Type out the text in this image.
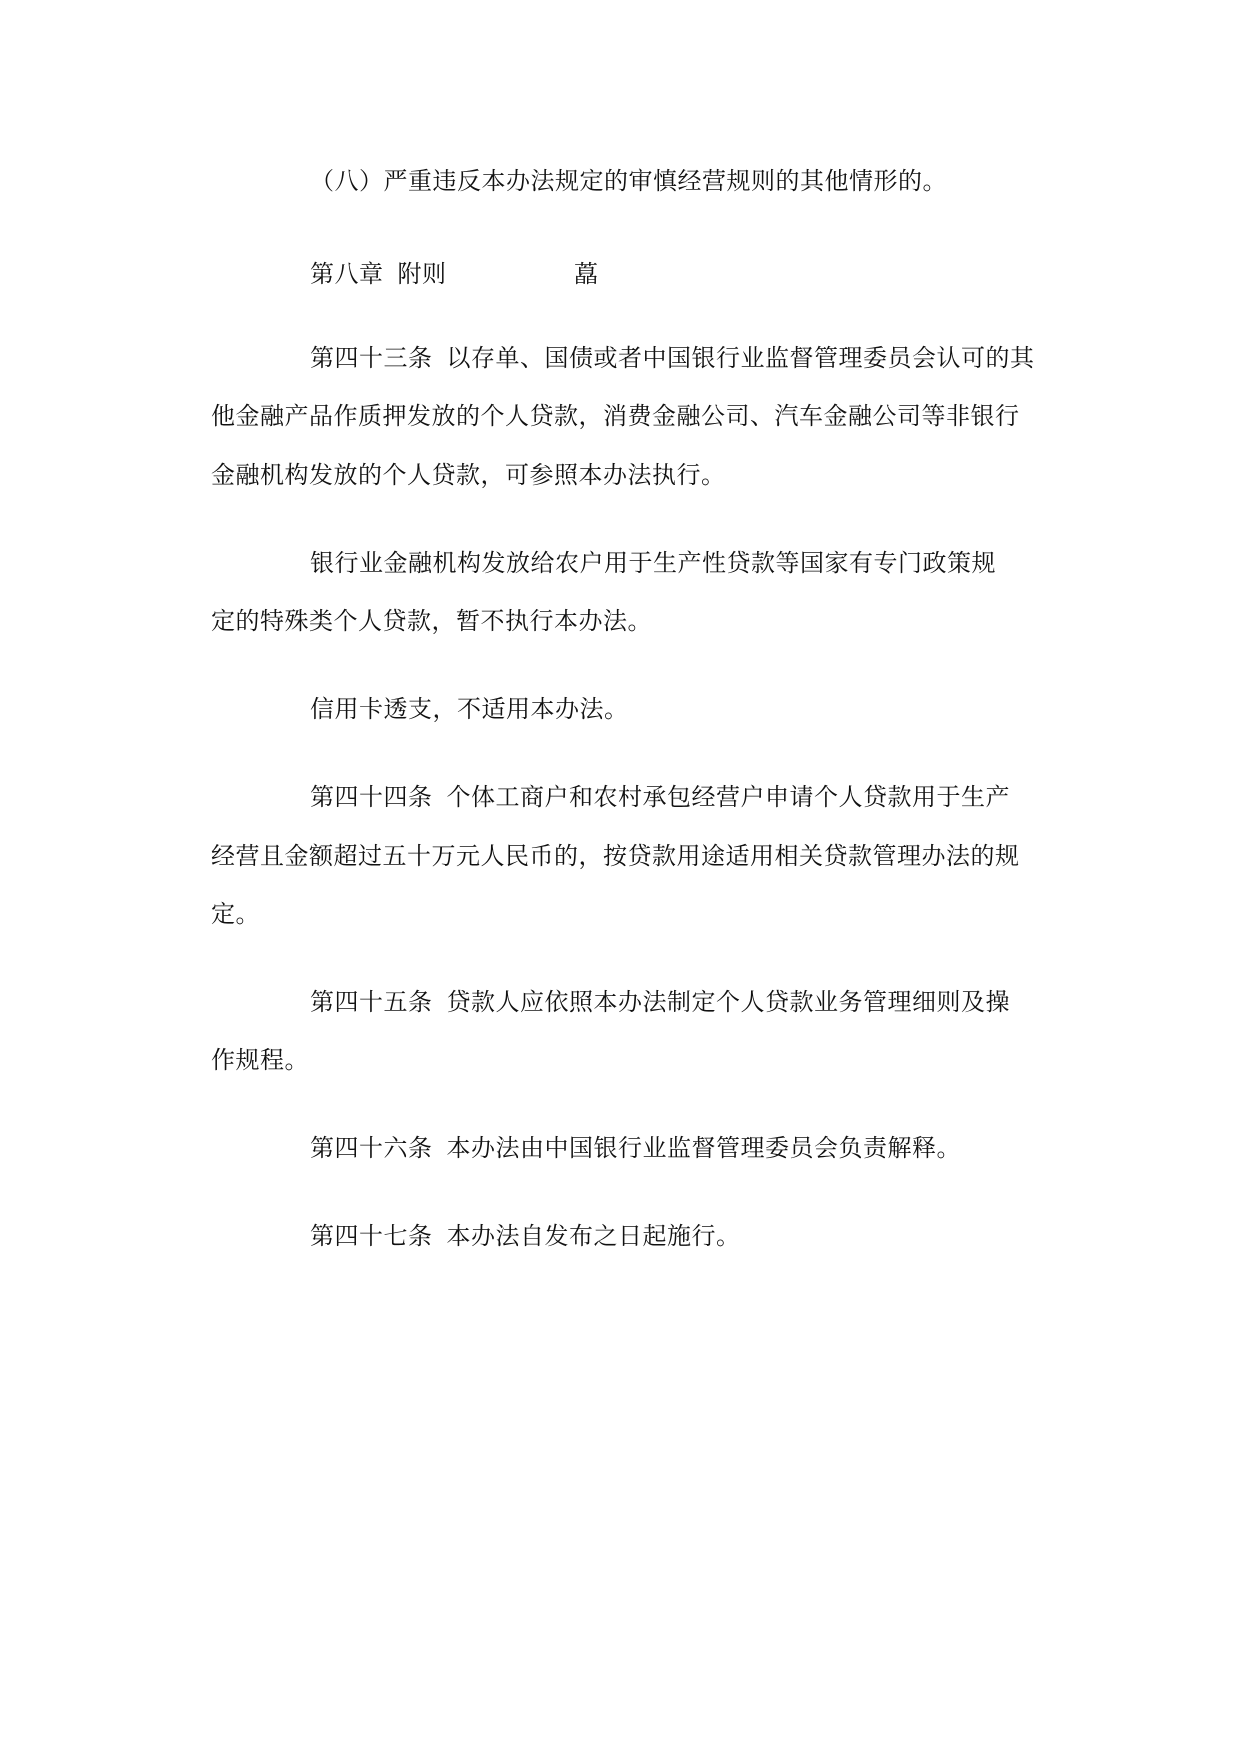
（八）严重违反本办法规定的审慎经营规则的其他情形的。

第八章 附则	藠

第四十三条 以存单、国债或者中国银行业监督管理委员会认可的其

他金融产品作质押发放的个人贷款，消费金融公司、汽车金融公司等非银行

金融机构发放的个人贷款，可参照本办法执行。

银行业金融机构发放给农户用于生产性贷款等国家有专门政策规

定的特殊类个人贷款，暂不执行本办法。

信用卡透支，不适用本办法。

第四十四条 个体工商户和农村承包经营户申请个人贷款用于生产

经营且金额超过五十万元人民币的，按贷款用途适用相关贷款管理办法的规

定。

第四十五条 贷款人应依照本办法制定个人贷款业务管理细则及操

作规程。

第四十六条 本办法由中国银行业监督管理委员会负责解释。

第四十七条 本办法自发布之日起施行。
